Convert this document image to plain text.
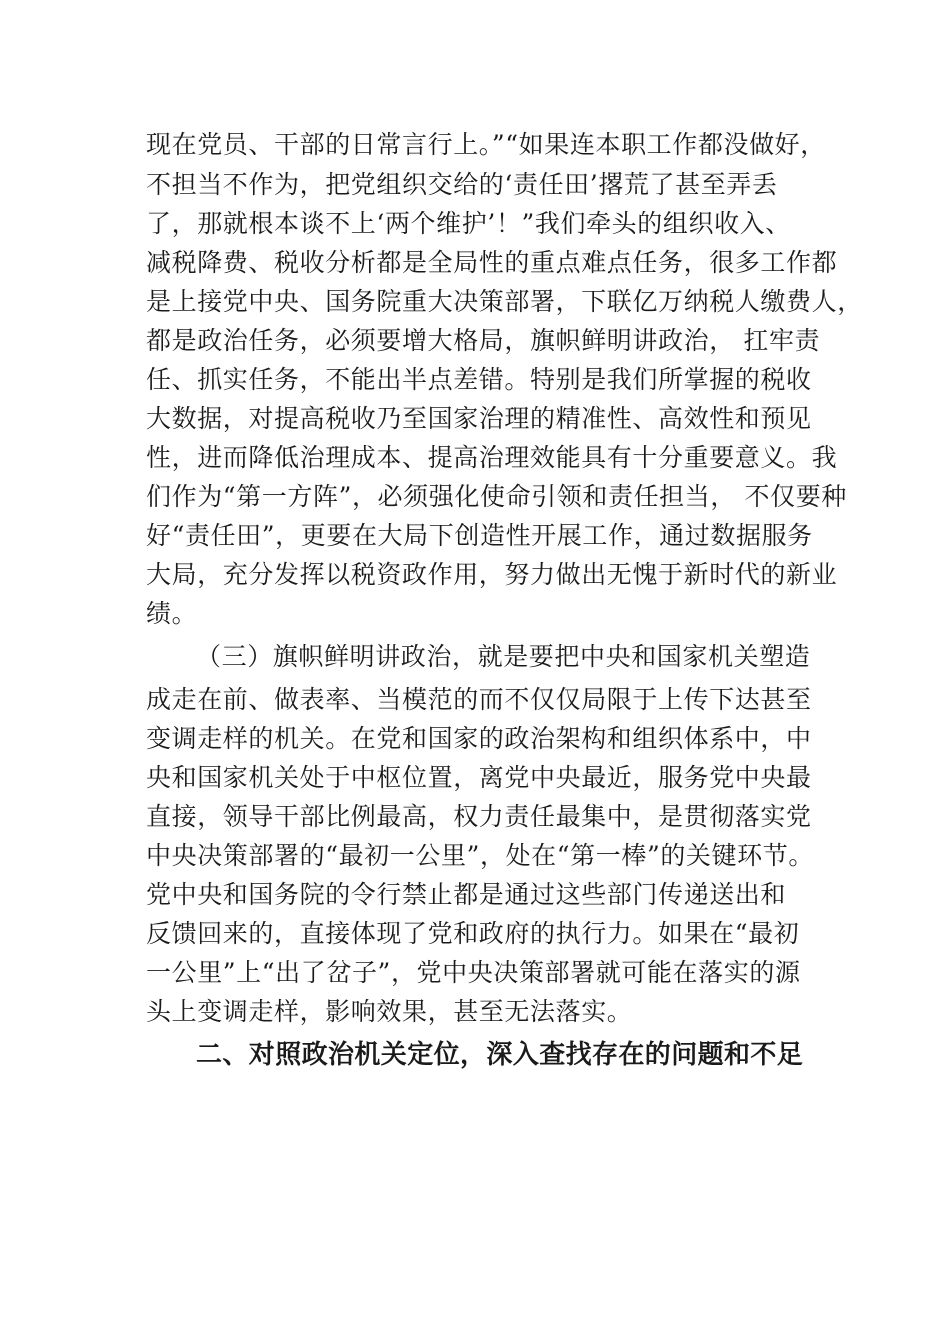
现在党员、干部的日常言行上。”“如果连本职工作都没做好，
不担当不作为，把党组织交给的‘责任田’撂荒了甚至弄丢
了，那就根本谈不上‘两个维护’！”我们牵头的组织收入、
减税降费、税收分析都是全局性的重点难点任务，很多工作都
是上接党中央、国务院重大决策部署，下联亿万纳税人缴费人，
都是政治任务，必须要增大格局，旗帜鲜明讲政治， 扛牢责
任、抓实任务，不能出半点差错。特别是我们所掌握的税收
大数据，对提高税收乃至国家治理的精准性、高效性和预见
性，进而降低治理成本、提高治理效能具有十分重要意义。我
们作为“第一方阵”，必须强化使命引领和责任担当， 不仅要种
好“责任田”，更要在大局下创造性开展工作，通过数据服务
大局，充分发挥以税资政作用，努力做出无愧于新时代的新业
绩。
（三）旗帜鲜明讲政治，就是要把中央和国家机关塑造
成走在前、做表率、当模范的而不仅仅局限于上传下达甚至
变调走样的机关。在党和国家的政治架构和组织体系中，中
央和国家机关处于中枢位置，离党中央最近，服务党中央最
直接，领导干部比例最高，权力责任最集中，是贯彻落实党
中央决策部署的“最初一公里”，处在“第一棒”的关键环节。
党中央和国务院的令行禁止都是通过这些部门传递送出和
反馈回来的，直接体现了党和政府的执行力。如果在“最初
一公里”上“出了岔子”，党中央决策部署就可能在落实的源
头上变调走样，影响效果，甚至无法落实。
二、对照政治机关定位，深入查找存在的问题和不足
